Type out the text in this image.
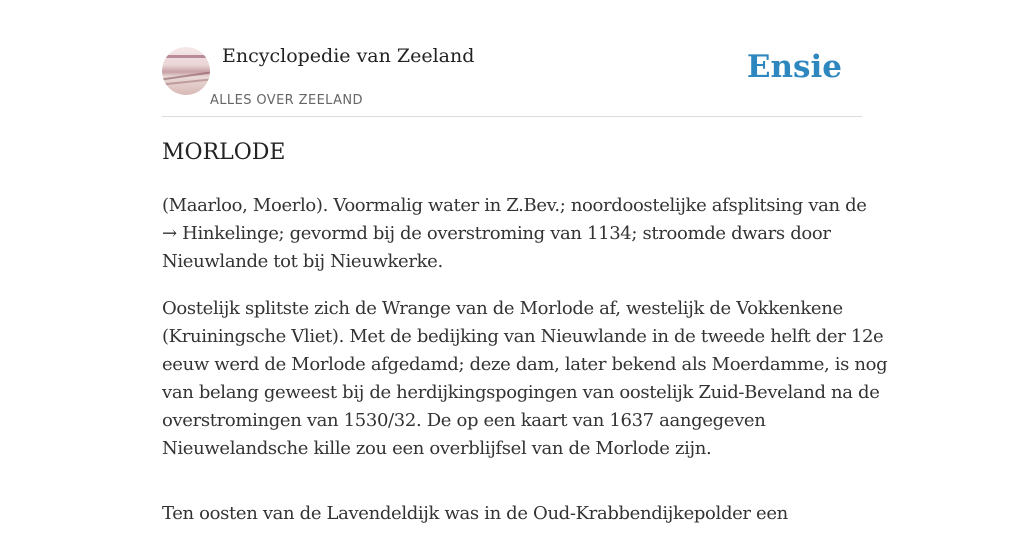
Encyclopedie van Zeeland
ALLES OVER ZEELAND
Ensie
MORLODE

(Maarloo, Moerlo). Voormalig water in Z.Bev.; noordoostelijke afsplitsing van de
→ Hinkelinge; gevormd bij de overstroming van 1134; stroomde dwars door
Nieuwlande tot bij Nieuwkerke.

Oostelijk splitste zich de Wrange van de Morlode af, westelijk de Vokkenkene
(Kruiningsche Vliet). Met de bedijking van Nieuwlande in de tweede helft der 12e
eeuw werd de Morlode afgedamd; deze dam, later bekend als Moerdamme, is nog
van belang geweest bij de herdijkingspogingen van oostelijk Zuid-Beveland na de
overstromingen van 1530/32. De op een kaart van 1637 aangegeven
Nieuwelandsche kille zou een overblijfsel van de Morlode zijn.

Ten oosten van de Lavendeldijk was in de Oud-Krabbendijkepolder een
